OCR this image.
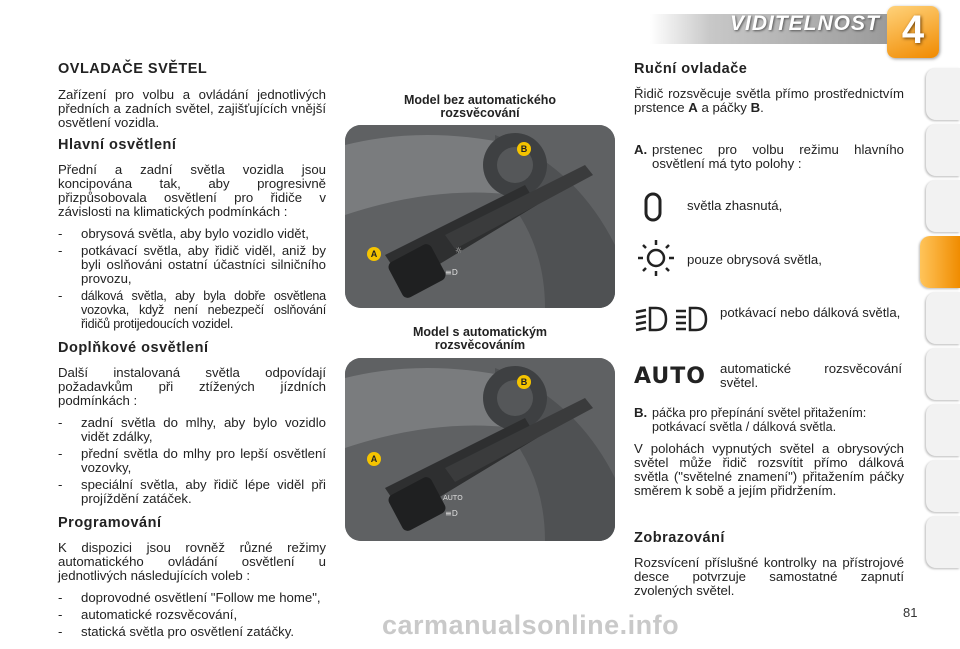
VIDITELNOST 4
OVLADAČE SVĚTEL

Zařízení pro volbu a ovládání jednotlivých předních a zadních světel, zajišťujících vnější osvětlení vozidla.

Hlavní osvětlení

Přední a zadní světla vozidla jsou koncipována tak, aby progresivně přizpůsobovala osvětlení pro řidiče v závislosti na klimatických podmínkách :

- obrysová světla, aby bylo vozidlo vidět,
- potkávací světla, aby řidič viděl, aniž by byli oslňováni ostatní účastníci silničního provozu,
- dálková světla, aby byla dobře osvětlena vozovka, když není nebezpečí oslňování řidičů protijedoucích vozidel.
Doplňkové osvětlení

Další instalovaná světla odpovídají požadavkům při ztížených jízdních podmínkách :

- zadní světla do mlhy, aby bylo vozidlo vidět zdálky,
- přední světla do mlhy pro lepší osvětlení vozovky,
- speciální světla, aby řidič lépe viděl při projíždění zatáček.
Programování

K dispozici jsou rovněž různé režimy automatického ovládání osvětlení u jednotlivých následujících voleb :

- doprovodné osvětlení "Follow me home",
- automatické rozsvěcování,
- statická světla pro osvětlení zatáčky.
Model bez automatického rozsvěcování
≡D
☼
A
B
Model s automatickým rozsvěcováním
AUTO
≡D
A
B
Ruční ovladače

Řidič rozsvěcuje světla přímo prostřednictvím prstence A a páčky B.

A. prstenec pro volbu režimu hlavního osvětlení má tyto polohy :
světla zhasnutá,
pouze obrysová světla,
potkávací nebo dálková světla,
AUTO automatické rozsvěcování světel.
B. páčka pro přepínání světel přitažením: potkávací světla / dálková světla.

V polohách vypnutých světel a obrysových světel může řidič rozsvítit přímo dálková světla ("světelné znamení") přitažením páčky směrem k sobě a jejím přidržením.

Zobrazování

Rozsvícení příslušné kontrolky na přístrojové desce potvrzuje samostatné zapnutí zvolených světel.

carmanualsonline.info	81
